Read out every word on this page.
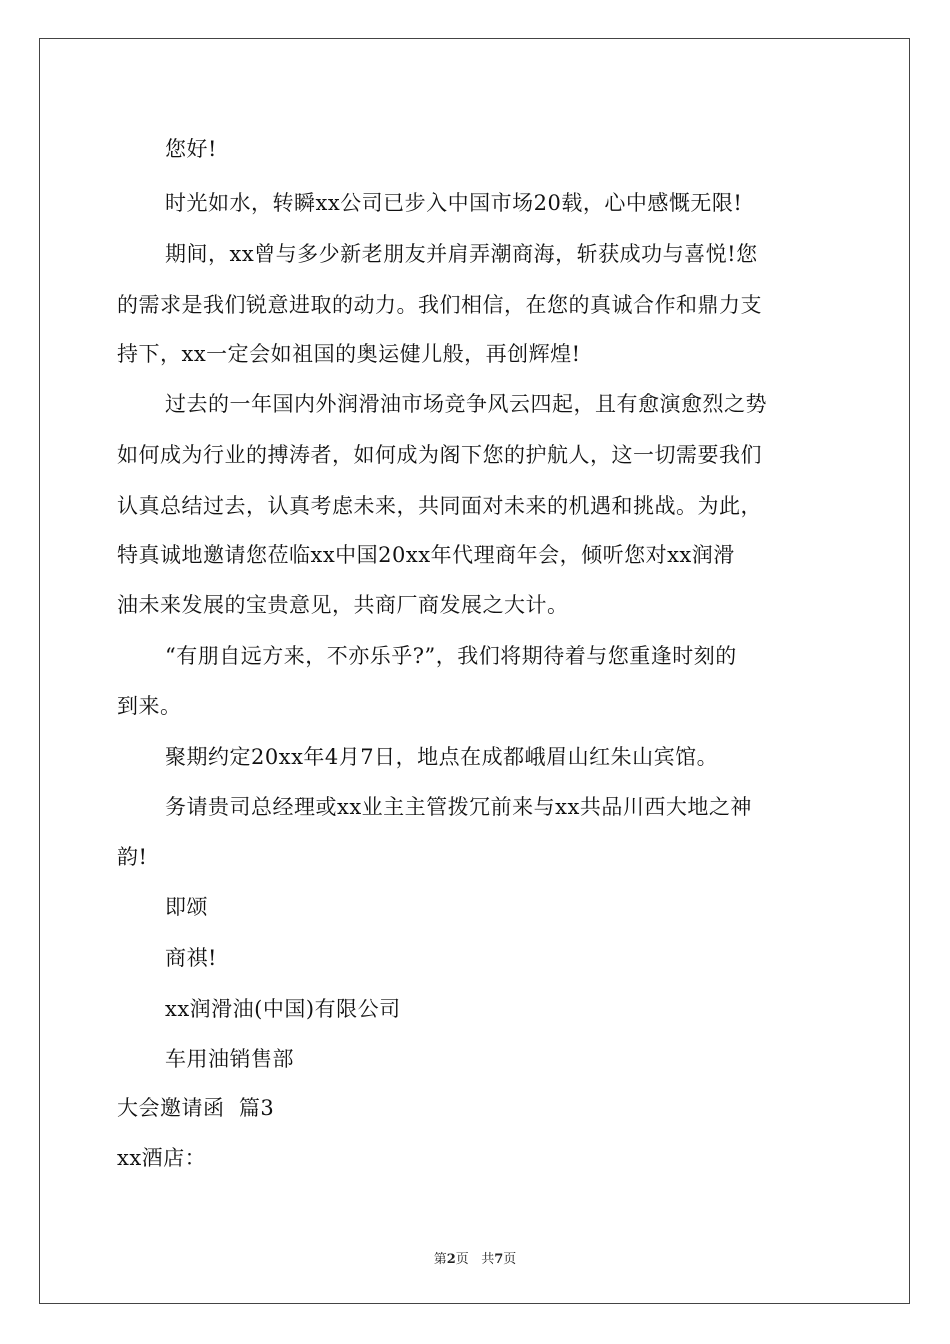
您好!
时光如水，转瞬xx公司已步入中国市场20载，心中感慨无限!
期间，xx曾与多少新老朋友并肩弄潮商海，斩获成功与喜悦!您
的需求是我们锐意进取的动力。我们相信，在您的真诚合作和鼎力支
持下，xx一定会如祖国的奥运健儿般，再创辉煌!
过去的一年国内外润滑油市场竞争风云四起，且有愈演愈烈之势
如何成为行业的搏涛者，如何成为阁下您的护航人，这一切需要我们
认真总结过去，认真考虑未来，共同面对未来的机遇和挑战。为此，
特真诚地邀请您莅临xx中国20xx年代理商年会，倾听您对xx润滑
油未来发展的宝贵意见，共商厂商发展之大计。
“有朋自远方来，不亦乐乎?”，我们将期待着与您重逢时刻的
到来。
聚期约定20xx年4月7日，地点在成都峨眉山红朱山宾馆。
务请贵司总经理或xx业主主管拨冗前来与xx共品川西大地之神
韵!
即颂
商祺!
xx润滑油(中国)有限公司
车用油销售部
大会邀请函  篇3
xx酒店：
第2页   共7页
